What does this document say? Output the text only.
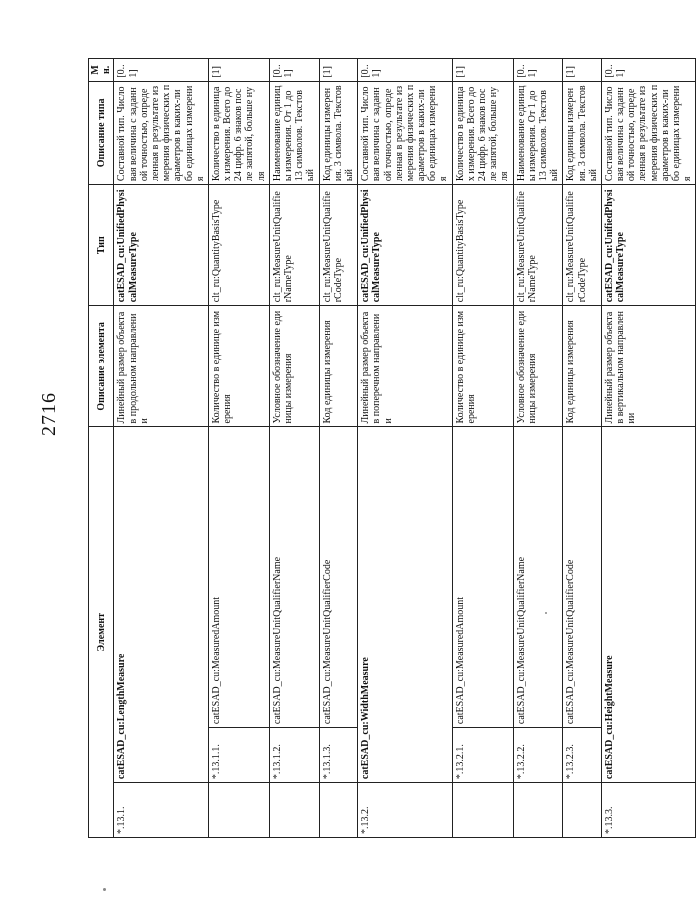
2716
Элемент			Описание элемента	Тип	Описание типа	Мн.
*.13.1.	catESAD_cu:LengthMeasure		Линейный размер объекта в продольном направлении	catESAD_cu:UnifiedPhysicalMeasureType	Составной тип. Числовая величина с заданной точностью, определенная в результате измерения физических параметров в каких-либо единицах измерения	[0..1]
	*.13.1.1.	catESAD_cu:MeasuredAmount	Количество в единице измерения	clt_ru:QuantityBasisType	Количество в единицах измерения. Всего до 24 цифр. 6 знаков после запятой, больше нуля	[1]
	*.13.1.2.	catESAD_cu:MeasureUnitQualifierName	Условное обозначение единицы измерения	clt_ru:MeasureUnitQualifierNameType	Наименование единицы измерения. От 1 до 13 символов. Текстовый	[0..1]
	*.13.1.3.	catESAD_cu:MeasureUnitQualifierCode	Код единицы измерения	clt_ru:MeasureUnitQualifierCodeType	Код единицы измерения. 3 символа. Текстовый	[1]
*.13.2.	catESAD_cu:WidthMeasure		Линейный размер объекта в поперечном направлении	catESAD_cu:UnifiedPhysicalMeasureType	Составной тип. Числовая величина с заданной точностью, определенная в результате измерения физических параметров в каких-либо единицах измерения	[0..1]
	*.13.2.1.	catESAD_cu:MeasuredAmount	Количество в единице измерения	clt_ru:QuantityBasisType	Количество в единицах измерения. Всего до 24 цифр. 6 знаков после запятой, больше нуля	[1]
	*.13.2.2.	catESAD_cu:MeasureUnitQualifierName	Условное обозначение единицы измерения	clt_ru:MeasureUnitQualifierNameType	Наименование единицы измерения. От 1 до 13 символов. Текстовый	[0..1]
	*.13.2.3.	catESAD_cu:MeasureUnitQualifierCode	Код единицы измерения	clt_ru:MeasureUnitQualifierCodeType	Код единицы измерения. 3 символа. Текстовый	[1]
*.13.3.	catESAD_cu:HeightMeasure		Линейный размер объекта в вертикальном направлении	catESAD_cu:UnifiedPhysicalMeasureType	Составной тип. Числовая величина с заданной точностью, определенная в результате измерения физических параметров в каких-либо единицах измерения	[0..1]
